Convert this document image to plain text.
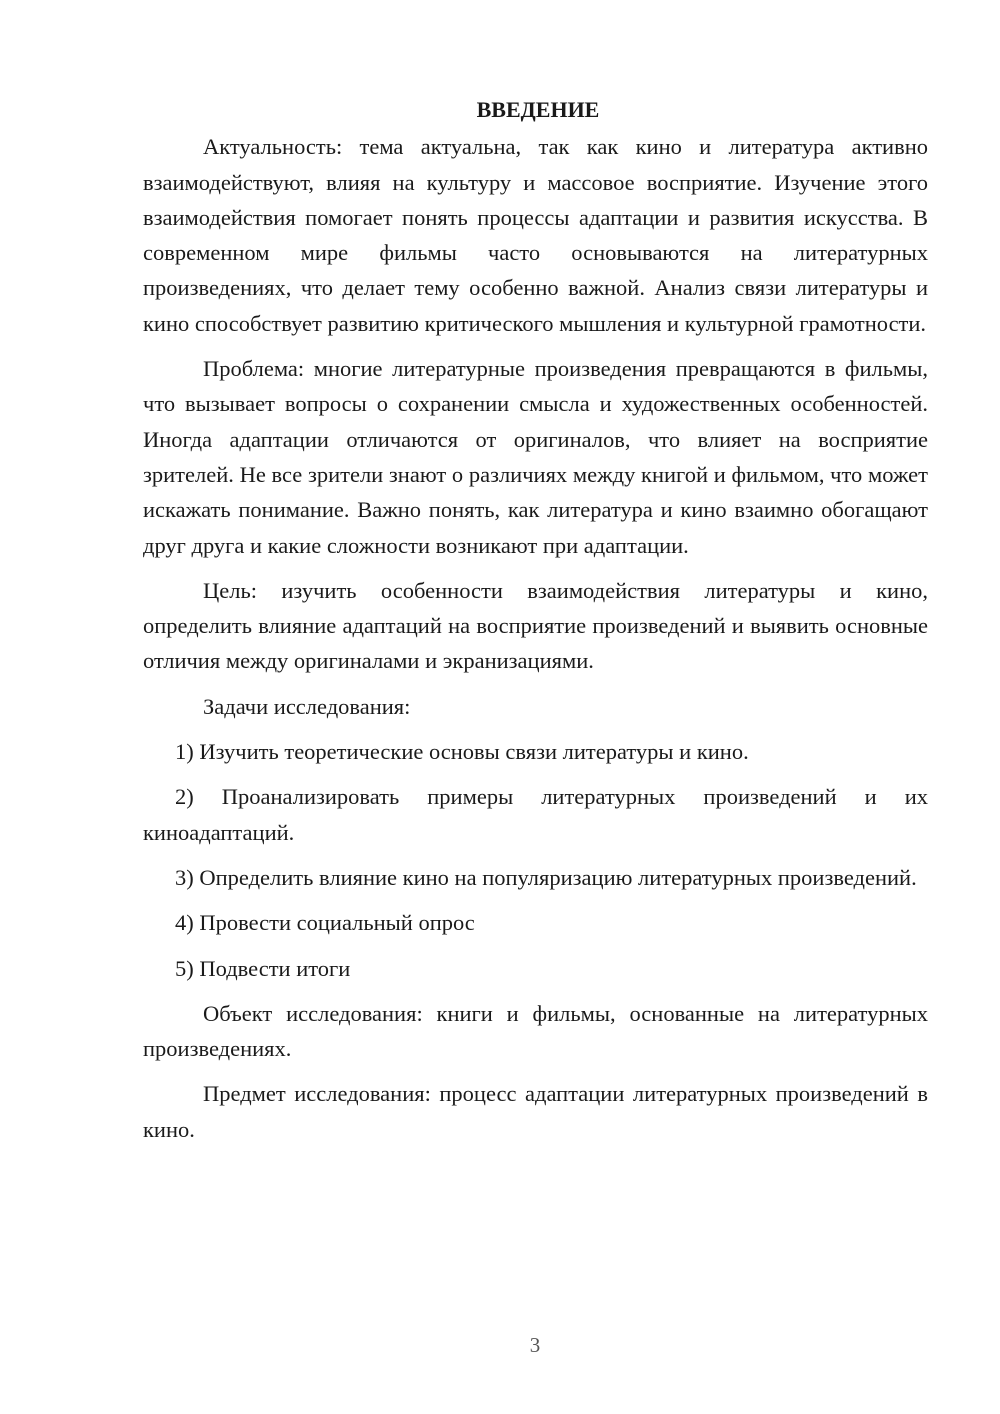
ВВЕДЕНИЕ

Актуальность: тема актуальна, так как кино и литература активно взаимодействуют, влияя на культуру и массовое восприятие. Изучение этого взаимодействия помогает понять процессы адаптации и развития искусства. В современном мире фильмы часто основываются на литературных произведениях, что делает тему особенно важной. Анализ связи литературы и кино способствует развитию критического мышления и культурной грамотности.

Проблема: многие литературные произведения превращаются в фильмы, что вызывает вопросы о сохранении смысла и художественных особенностей. Иногда адаптации отличаются от оригиналов, что влияет на восприятие зрителей. Не все зрители знают о различиях между книгой и фильмом, что может искажать понимание. Важно понять, как литература и кино взаимно обогащают друг друга и какие сложности возникают при адаптации.

Цель: изучить особенности взаимодействия литературы и кино, определить влияние адаптаций на восприятие произведений и выявить основные отличия между оригиналами и экранизациями.

Задачи исследования:

1) Изучить теоретические основы связи литературы и кино.

2) Проанализировать примеры литературных произведений и их киноадаптаций.

3) Определить влияние кино на популяризацию литературных произведений.

4) Провести социальный опрос

5) Подвести итоги

Объект исследования: книги и фильмы, основанные на литературных произведениях.

Предмет исследования: процесс адаптации литературных произведений в кино.

3
